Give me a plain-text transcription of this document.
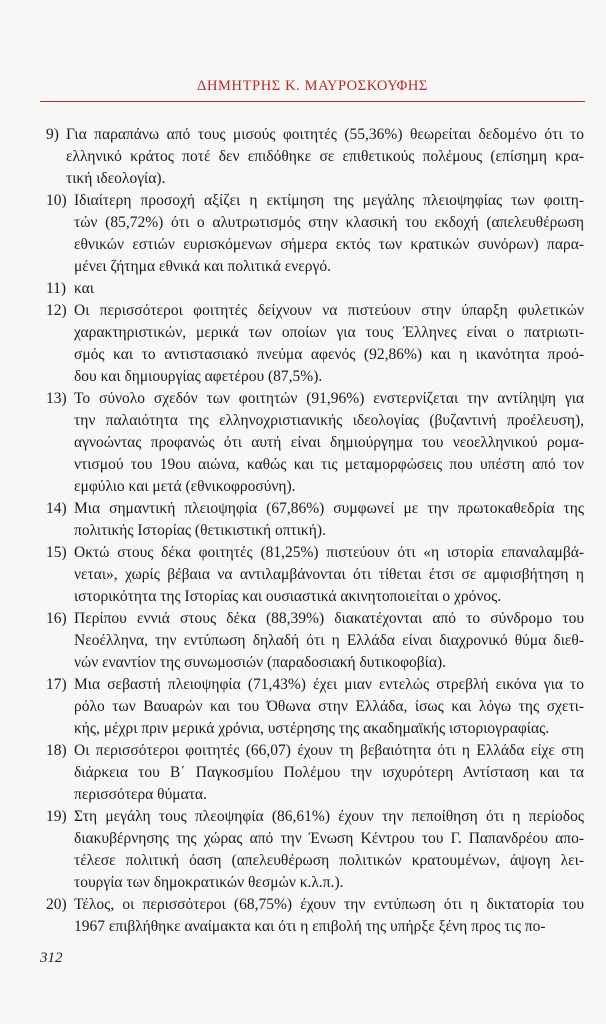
ΔΗΜΗΤΡΗΣ Κ. ΜΑΥΡΟΣΚΟΥΦΗΣ
9) Για παραπάνω από τους μισούς φοιτητές (55,36%) θεωρείται δεδομένο ότι το
ελληνικό κράτος ποτέ δεν επιδόθηκε σε επιθετικούς πολέμους (επίσημη κρα-
τική ιδεολογία).
10) Ιδιαίτερη προσοχή αξίζει η εκτίμηση της μεγάλης πλειοψηφίας των φοιτη-
τών (85,72%) ότι ο αλυτρωτισμός στην κλασική του εκδοχή (απελευθέρωση
εθνικών εστιών ευρισκόμενων σήμερα εκτός των κρατικών συνόρων) παρα-
μένει ζήτημα εθνικά και πολιτικά ενεργό.
11) και
12) Οι περισσότεροι φοιτητές δείχνουν να πιστεύουν στην ύπαρξη φυλετικών
χαρακτηριστικών, μερικά των οποίων για τους Έλληνες είναι ο πατριωτι-
σμός και το αντιστασιακό πνεύμα αφενός (92,86%) και η ικανότητα προό-
δου και δημιουργίας αφετέρου (87,5%).
13) Το σύνολο σχεδόν των φοιτητών (91,96%) ενστερνίζεται την αντίληψη για
την παλαιότητα της ελληνοχριστιανικής ιδεολογίας (βυζαντινή προέλευση),
αγνοώντας προφανώς ότι αυτή είναι δημιούργημα του νεοελληνικού ρομα-
ντισμού του 19ου αιώνα, καθώς και τις μεταμορφώσεις που υπέστη από τον
εμφύλιο και μετά (εθνικοφροσύνη).
14) Μια σημαντική πλειοψηφία (67,86%) συμφωνεί με την πρωτοκαθεδρία της
πολιτικής Ιστορίας (θετικιστική οπτική).
15) Οκτώ στους δέκα φοιτητές (81,25%) πιστεύουν ότι «η ιστορία επαναλαμβά-
νεται», χωρίς βέβαια να αντιλαμβάνονται ότι τίθεται έτσι σε αμφισβήτηση η
ιστορικότητα της Ιστορίας και ουσιαστικά ακινητοποιείται ο χρόνος.
16) Περίπου εννιά στους δέκα (88,39%) διακατέχονται από το σύνδρομο του
Νεοέλληνα, την εντύπωση δηλαδή ότι η Ελλάδα είναι διαχρονικό θύμα διεθ-
νών εναντίον της συνωμοσιών (παραδοσιακή δυτικοφοβία).
17) Μια σεβαστή πλειοψηφία (71,43%) έχει μιαν εντελώς στρεβλή εικόνα για το
ρόλο των Βαυαρών και του Όθωνα στην Ελλάδα, ίσως και λόγω της σχετι-
κής, μέχρι πριν μερικά χρόνια, υστέρησης της ακαδημαϊκής ιστοριογραφίας.
18) Οι περισσότεροι φοιτητές (66,07) έχουν τη βεβαιότητα ότι η Ελλάδα είχε στη
διάρκεια του Β΄ Παγκοσμίου Πολέμου την ισχυρότερη Αντίσταση και τα
περισσότερα θύματα.
19) Στη μεγάλη τους πλεοψηφία (86,61%) έχουν την πεποίθηση ότι η περίοδος
διακυβέρνησης της χώρας από την Ένωση Κέντρου του Γ. Παπανδρέου απο-
τέλεσε πολιτική όαση (απελευθέρωση πολιτικών κρατουμένων, άψογη λει-
τουργία των δημοκρατικών θεσμών κ.λ.π.).
20) Τέλος, οι περισσότεροι (68,75%) έχουν την εντύπωση ότι η δικτατορία του
1967 επιβλήθηκε αναίμακτα και ότι η επιβολή της υπήρξε ξένη προς τις πο-
312
